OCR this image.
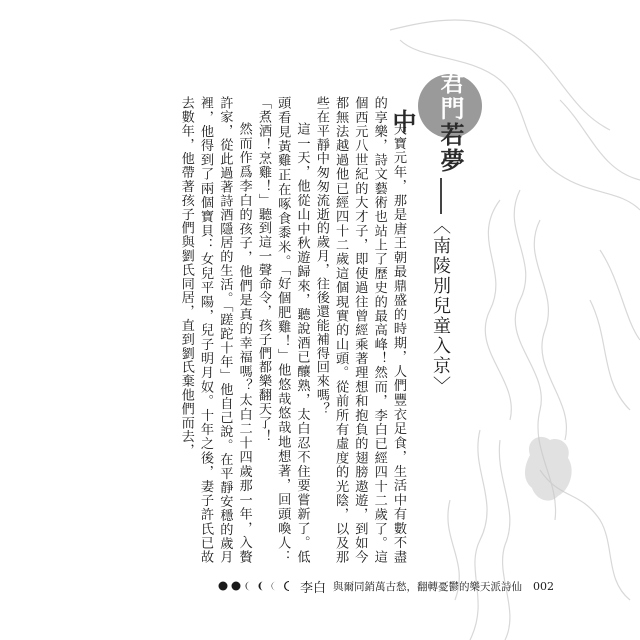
君門若夢中
〈南陵別兒童入京〉

天寶元年，那是唐王朝最鼎盛的時期，人們豐衣足食，生活中有數不盡的享樂，詩文藝術也站上了歷史的最高峰！然而，李白已經四十二歲了。這個西元八世紀的大才子，即使過往曾經乘著理想和抱負的翅膀遨遊，到如今都無法越過他已經四十二歲這個現實的山頭。從前所有虛度的光陰，以及那些在平靜中匆匆流逝的歲月，往後還能補得回來嗎？

這一天，他從山中秋遊歸來，聽說酒已釀熟，太白忍不住要嘗新了。低頭看見黃雞正在啄食黍米。「好個肥雞！」他悠哉悠哉地想著，回頭喚人：「煮酒！烹雞！」聽到這一聲命令，孩子們都樂翻天了！

然而作爲李白的孩子，他們是真的幸福嗎？太白二十四歲那一年，入贅許家，從此過著詩酒隱居的生活。「蹉跎十年」他自己說。在平靜安穩的歲月裡，他得到了兩個寶貝：女兒平陽，兒子明月奴。十年之後，妻子許氏已故去數年，他帶著孩子們與劉氏同居，直到劉氏棄他們而去，

李白 與爾同銷萬古愁，翻轉憂鬱的樂天派詩仙 002
